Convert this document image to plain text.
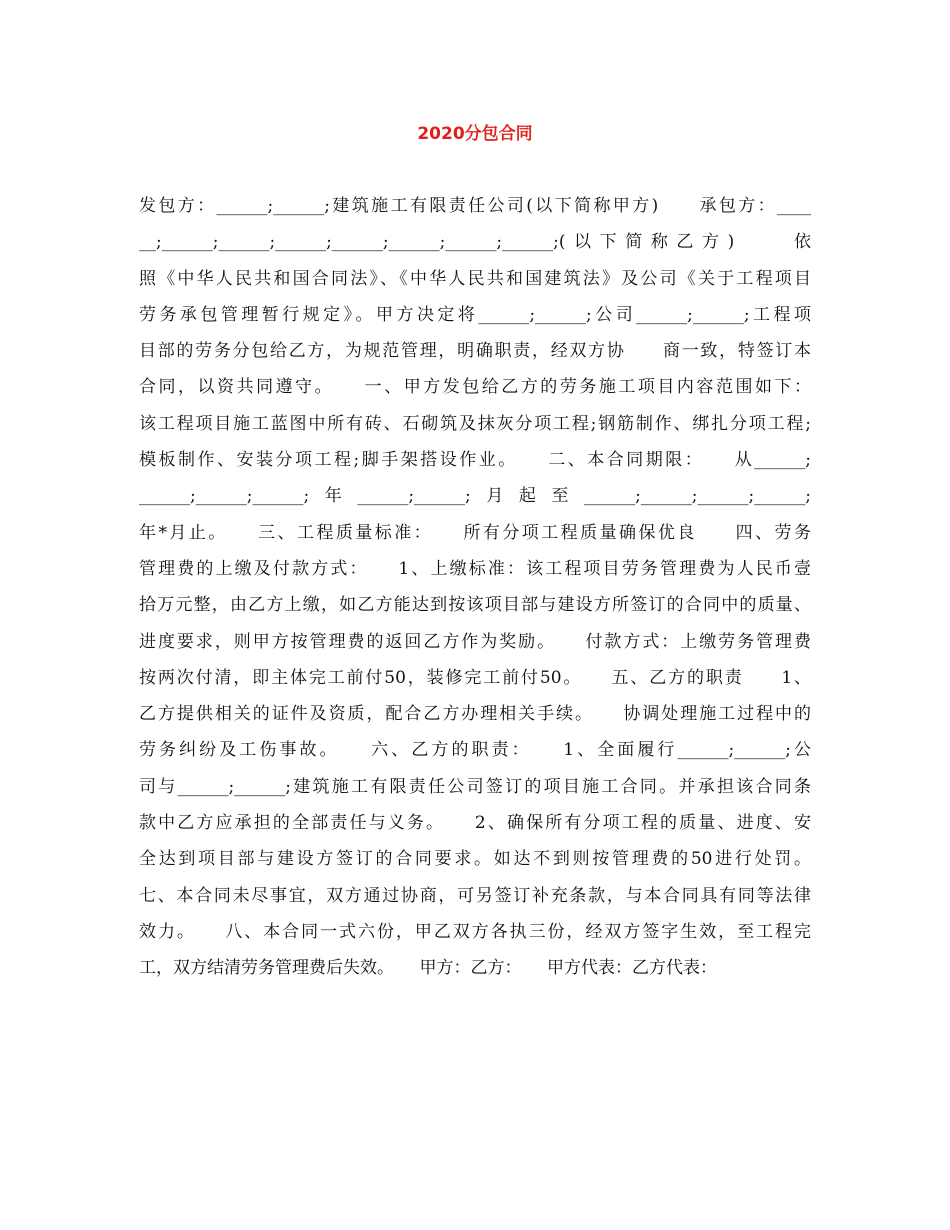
2020分包合同
发包方：______;______;建筑施工有限责任公司(以下简称甲方)　　承包方：____
__;______;______;______;______;______;______;______;(以下简称乙方)　　依
照《中华人民共和国合同法》、《中华人民共和国建筑法》及公司《关于工程项目
劳务承包管理暂行规定》。甲方决定将______;______;公司______;______;工程项
目部的劳务分包给乙方，为规范管理，明确职责，经双方协　　商一致，特签订本
合同，以资共同遵守。　　一、甲方发包给乙方的劳务施工项目内容范围如下：
该工程项目施工蓝图中所有砖、石砌筑及抹灰分项工程;钢筋制作、绑扎分项工程;
模板制作、安装分项工程;脚手架搭设作业。　　二、本合同期限：　　从______;
______;______;______;年______;______;月起至______;______;______;______;
年*月止。　　三、工程质量标准：　　所有分项工程质量确保优良　　四、劳务
管理费的上缴及付款方式：　　1、上缴标准：该工程项目劳务管理费为人民币壹
拾万元整，由乙方上缴，如乙方能达到按该项目部与建设方所签订的合同中的质量、
进度要求，则甲方按管理费的返回乙方作为奖励。　　付款方式：上缴劳务管理费
按两次付清，即主体完工前付50，装修完工前付50。　　五、乙方的职责　　1、
乙方提供相关的证件及资质，配合乙方办理相关手续。　　协调处理施工过程中的
劳务纠纷及工伤事故。　　六、乙方的职责：　　1、全面履行______;______;公
司与______;______;建筑施工有限责任公司签订的项目施工合同。并承担该合同条
款中乙方应承担的全部责任与义务。　　2、确保所有分项工程的质量、进度、安
全达到项目部与建设方签订的合同要求。如达不到则按管理费的50进行处罚。
七、本合同未尽事宜，双方通过协商，可另签订补充条款，与本合同具有同等法律
效力。　　八、本合同一式六份，甲乙双方各执三份，经双方签字生效，至工程完
工，双方结清劳务管理费后失效。　　甲方：乙方：　　甲方代表：乙方代表：
